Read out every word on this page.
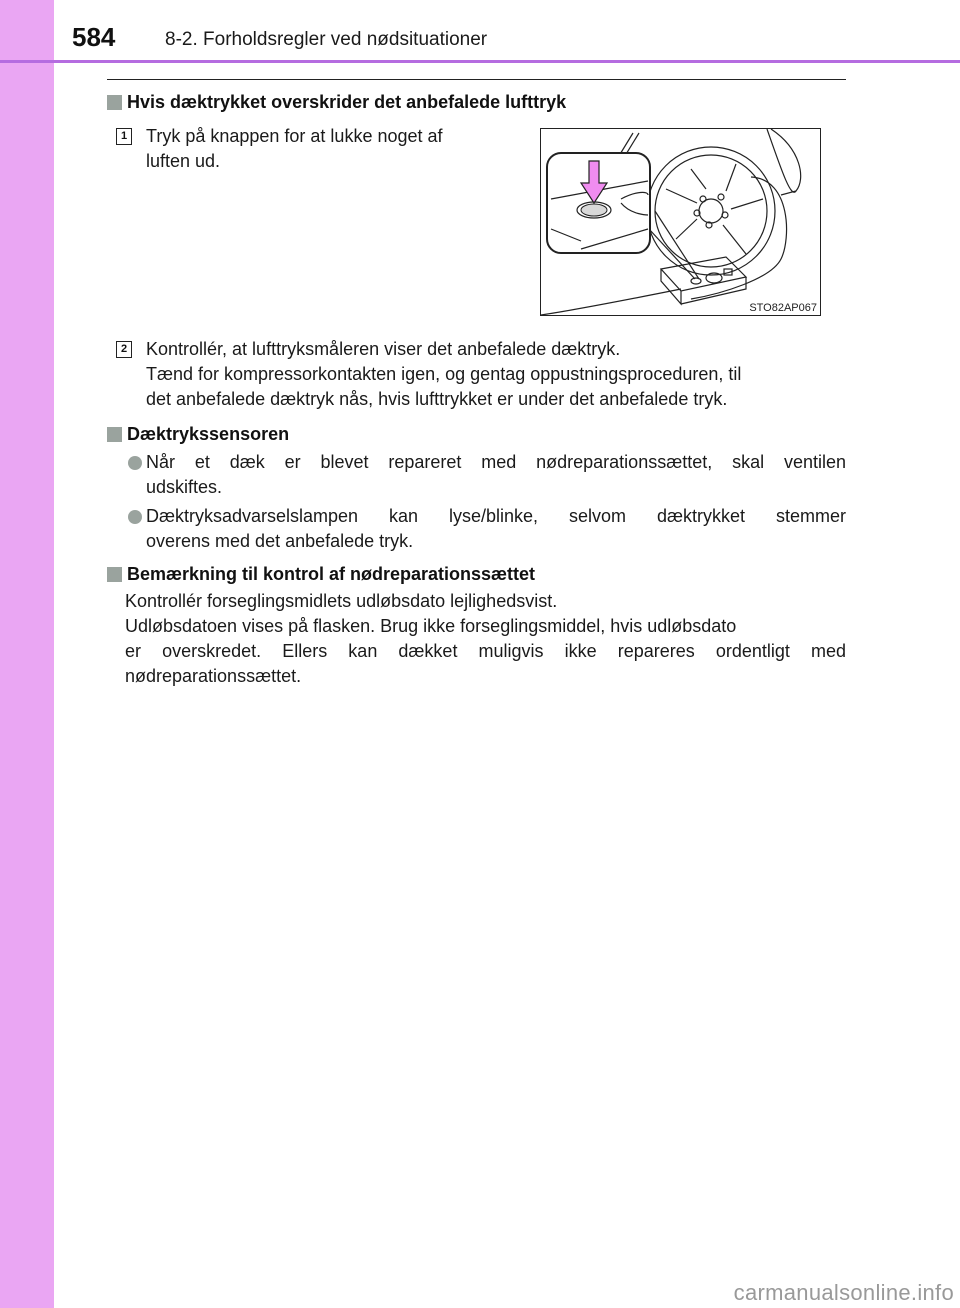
584	8-2. Forholdsregler ved nødsituationer
Hvis dæktrykket overskrider det anbefalede lufttryk
1 Tryk på knappen for at lukke noget af
luften ud.
STO82AP067
2 Kontrollér, at lufttryksmåleren viser det anbefalede dæktryk.
Tænd for kompressorkontakten igen, og gentag oppustningsproceduren, til
det anbefalede dæktryk nås, hvis lufttrykket er under det anbefalede tryk.
Dæktrykssensoren
Når et dæk er blevet repareret med nødreparationssættet, skal ventilen
udskiftes.
Dæktryksadvarselslampen kan lyse/blinke, selvom dæktrykket stemmer
overens med det anbefalede tryk.
Bemærkning til kontrol af nødreparationssættet
Kontrollér forseglingsmidlets udløbsdato lejlighedsvist.
Udløbsdatoen vises på flasken. Brug ikke forseglingsmiddel, hvis udløbsdato
er overskredet. Ellers kan dækket muligvis ikke repareres ordentligt med
nødreparationssættet.
carmanualsonline.info
